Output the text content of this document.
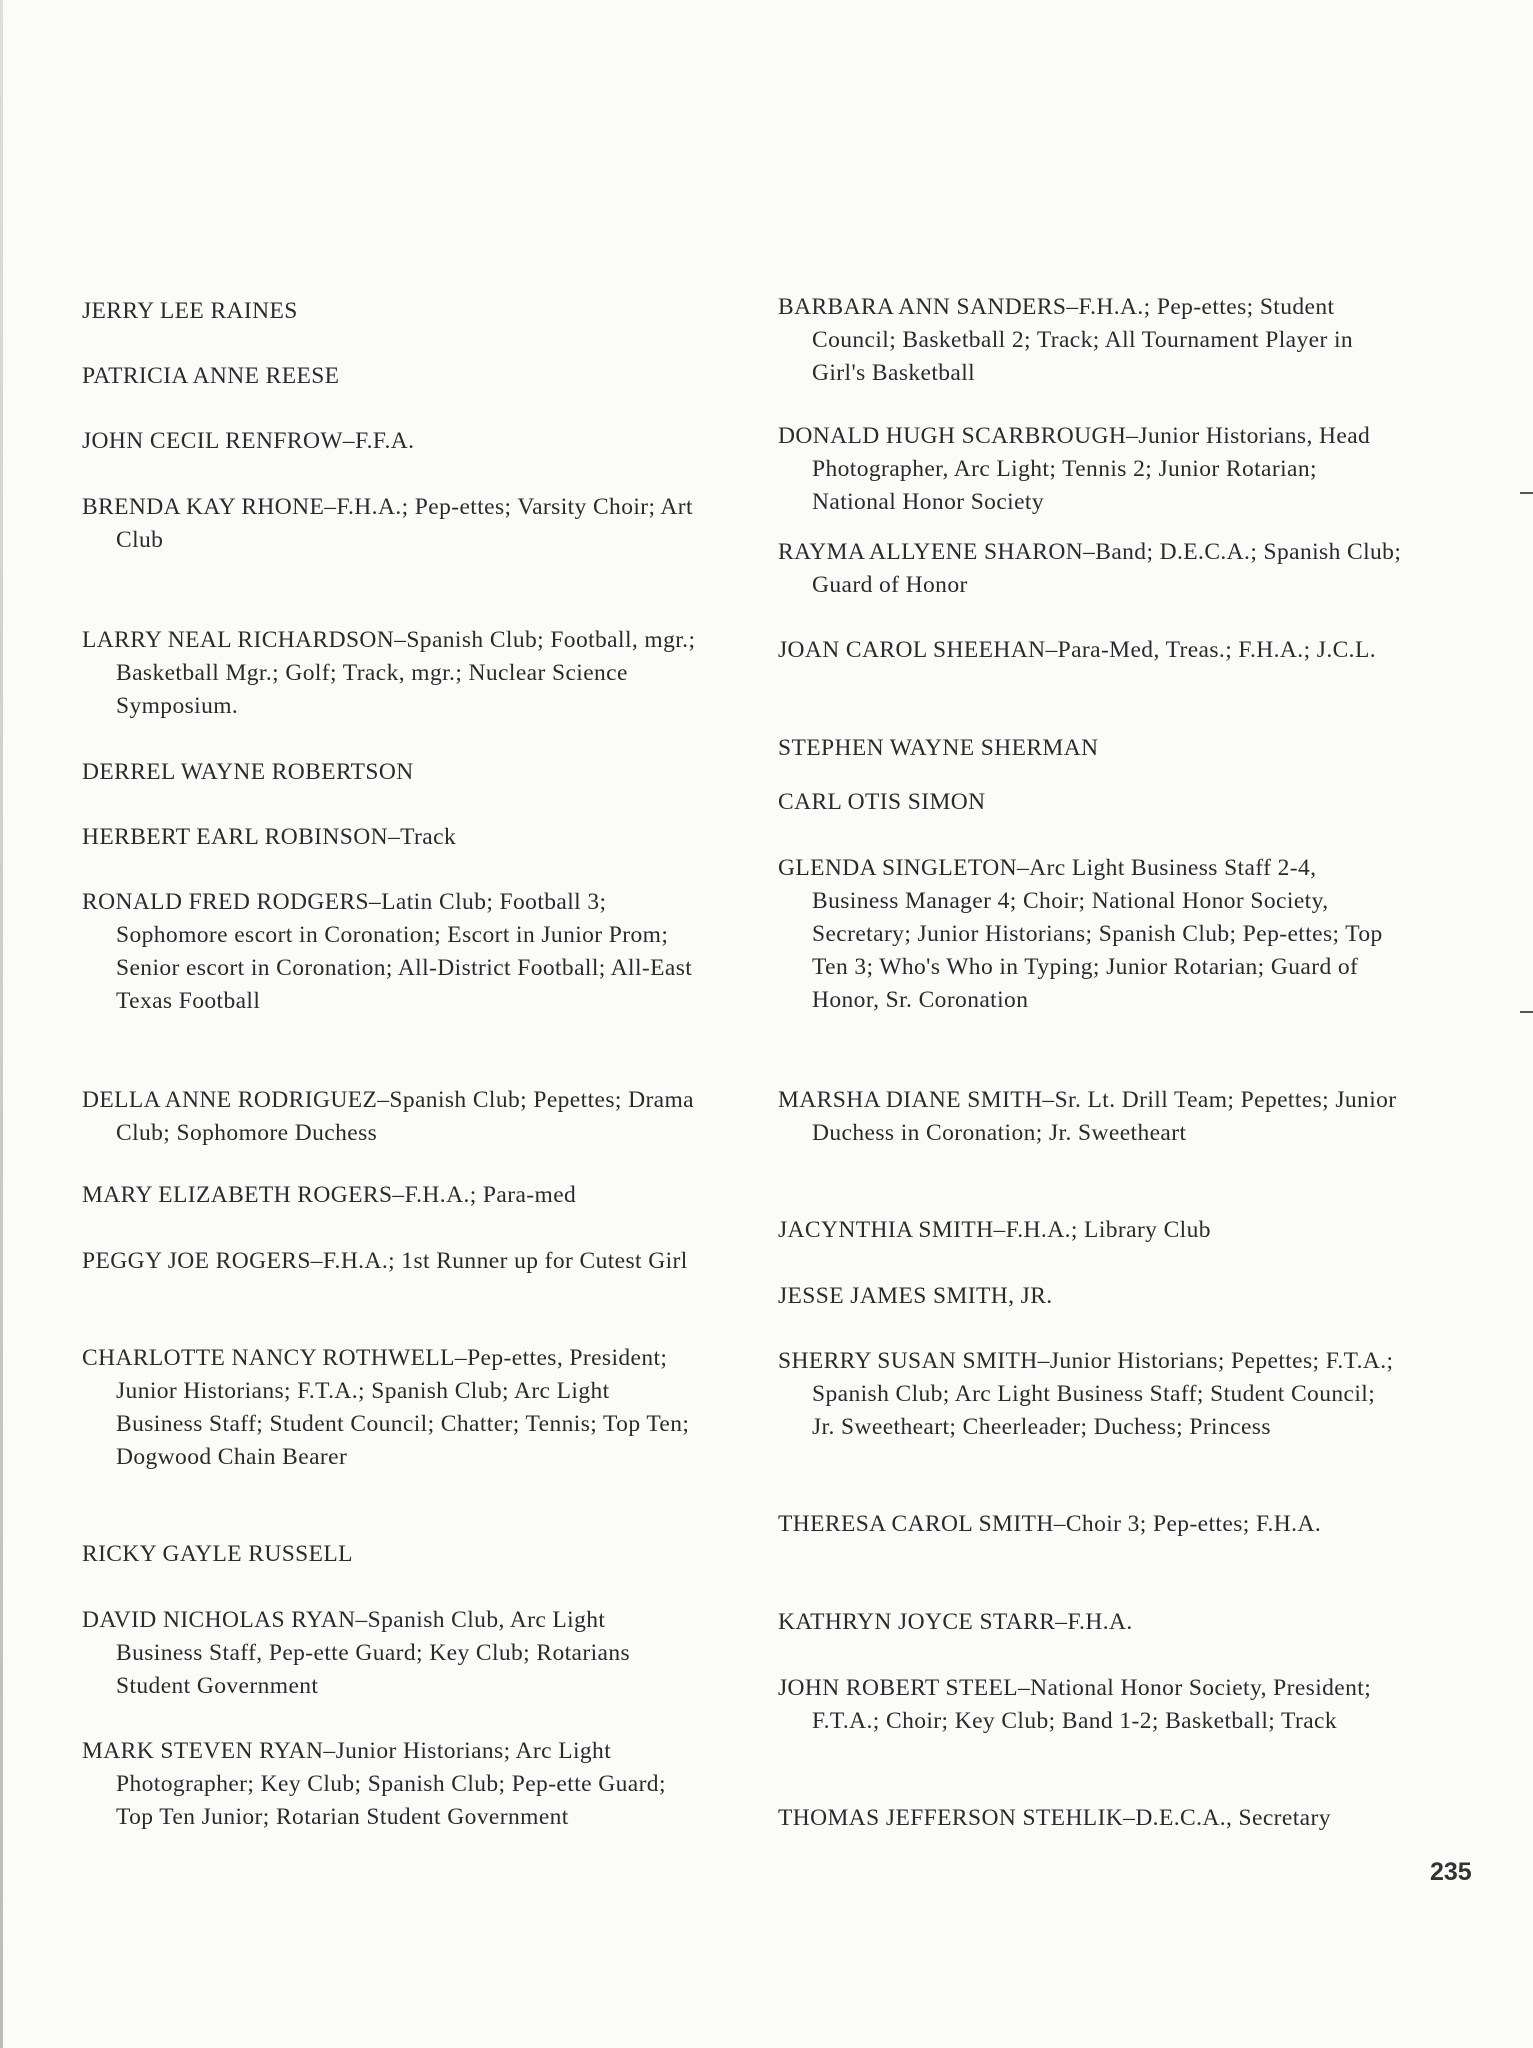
JERRY LEE RAINES
PATRICIA ANNE REESE
JOHN CECIL RENFROW–F.F.A.
BRENDA KAY RHONE–F.H.A.; Pep-ettes; Varsity Choir; Art Club
LARRY NEAL RICHARDSON–Spanish Club; Football, mgr.; Basketball Mgr.; Golf; Track, mgr.; Nuclear Science Symposium.
DERREL WAYNE ROBERTSON
HERBERT EARL ROBINSON–Track
RONALD FRED RODGERS–Latin Club; Football 3; Sophomore escort in Coronation; Escort in Junior Prom; Senior escort in Coronation; All-District Football; All-East Texas Football
DELLA ANNE RODRIGUEZ–Spanish Club; Pepettes; Drama Club; Sophomore Duchess
MARY ELIZABETH ROGERS–F.H.A.; Para-med
PEGGY JOE ROGERS–F.H.A.; 1st Runner up for Cutest Girl
CHARLOTTE NANCY ROTHWELL–Pep-ettes, President; Junior Historians; F.T.A.; Spanish Club; Arc Light Business Staff; Student Council; Chatter; Tennis; Top Ten; Dogwood Chain Bearer
RICKY GAYLE RUSSELL
DAVID NICHOLAS RYAN–Spanish Club, Arc Light Business Staff, Pep-ette Guard; Key Club; Rotarians Student Government
MARK STEVEN RYAN–Junior Historians; Arc Light Photographer; Key Club; Spanish Club; Pep-ette Guard; Top Ten Junior; Rotarian Student Government
BARBARA ANN SANDERS–F.H.A.; Pep-ettes; Student Council; Basketball 2; Track; All Tournament Player in Girl's Basketball
DONALD HUGH SCARBROUGH–Junior Historians, Head Photographer, Arc Light; Tennis 2; Junior Rotarian; National Honor Society
RAYMA ALLYENE SHARON–Band; D.E.C.A.; Spanish Club; Guard of Honor
JOAN CAROL SHEEHAN–Para-Med, Treas.; F.H.A.; J.C.L.
STEPHEN WAYNE SHERMAN
CARL OTIS SIMON
GLENDA SINGLETON–Arc Light Business Staff 2-4, Business Manager 4; Choir; National Honor Society, Secretary; Junior Historians; Spanish Club; Pep-ettes; Top Ten 3; Who's Who in Typing; Junior Rotarian; Guard of Honor, Sr. Coronation
MARSHA DIANE SMITH–Sr. Lt. Drill Team; Pepettes; Junior Duchess in Coronation; Jr. Sweetheart
JACYNTHIA SMITH–F.H.A.; Library Club
JESSE JAMES SMITH, JR.
SHERRY SUSAN SMITH–Junior Historians; Pepettes; F.T.A.; Spanish Club; Arc Light Business Staff; Student Council; Jr. Sweetheart; Cheerleader; Duchess; Princess
THERESA CAROL SMITH–Choir 3; Pep-ettes; F.H.A.
KATHRYN JOYCE STARR–F.H.A.
JOHN ROBERT STEEL–National Honor Society, President; F.T.A.; Choir; Key Club; Band 1-2; Basketball; Track
THOMAS JEFFERSON STEHLIK–D.E.C.A., Secretary
235
